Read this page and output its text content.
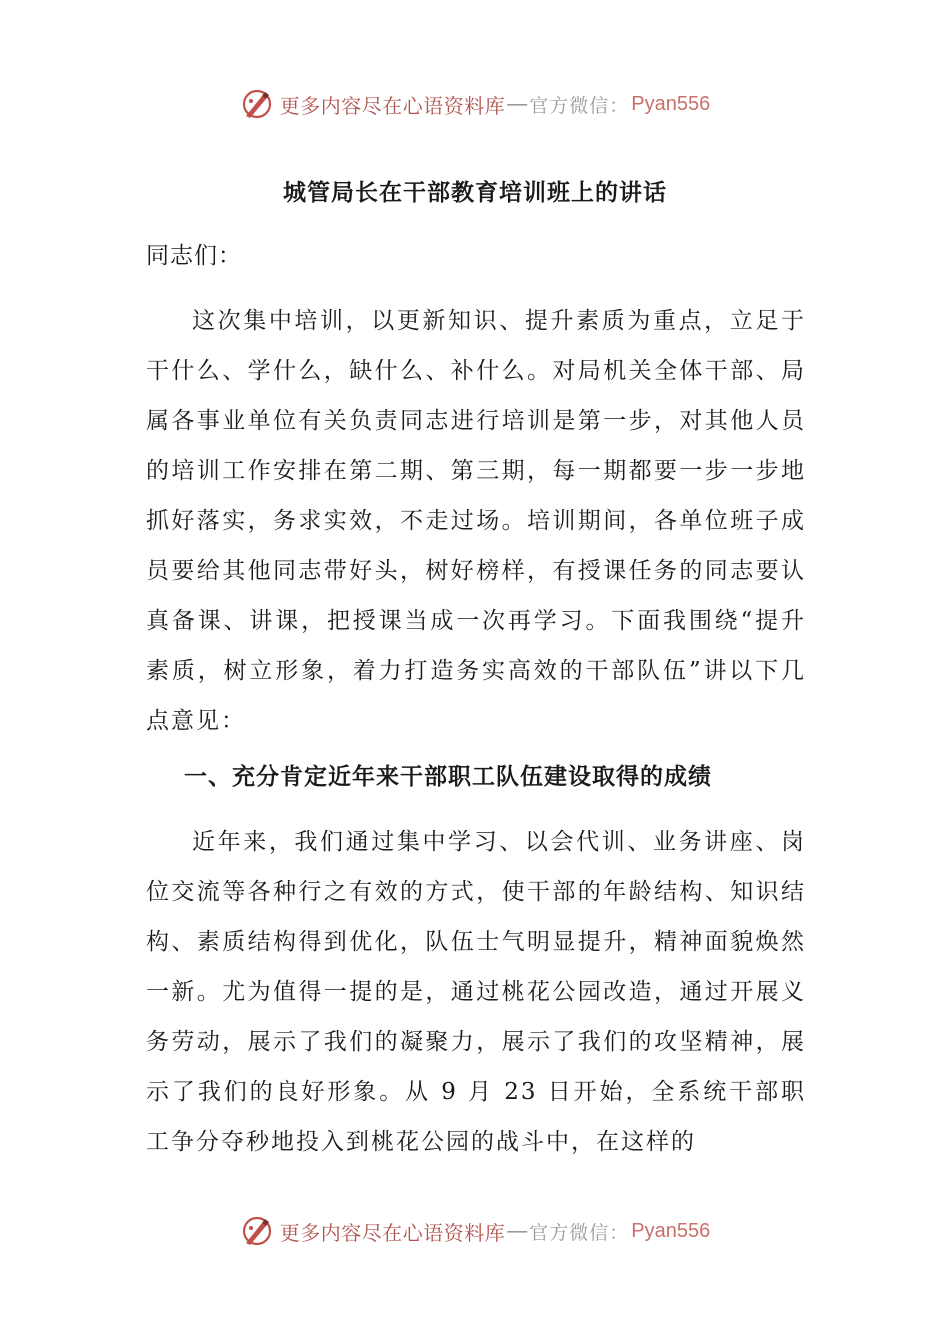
更多内容尽在心语资料库 — 官方微信： Pyan556
城管局长在干部教育培训班上的讲话

同志们：

这次集中培训，以更新知识、提升素质为重点，立足于干什么、学什么，缺什么、补什么。对局机关全体干部、局属各事业单位有关负责同志进行培训是第一步，对其他人员的培训工作安排在第二期、第三期，每一期都要一步一步地抓好落实，务求实效，不走过场。培训期间，各单位班子成员要给其他同志带好头，树好榜样，有授课任务的同志要认真备课、讲课，把授课当成一次再学习。下面我围绕“提升素质，树立形象，着力打造务实高效的干部队伍”讲以下几点意见：

一、充分肯定近年来干部职工队伍建设取得的成绩

近年来，我们通过集中学习、以会代训、业务讲座、岗位交流等各种行之有效的方式，使干部的年龄结构、知识结构、素质结构得到优化，队伍士气明显提升，精神面貌焕然一新。尤为值得一提的是，通过桃花公园改造，通过开展义务劳动，展示了我们的凝聚力，展示了我们的攻坚精神，展示了我们的良好形象。从 9 月 23 日开始，全系统干部职工争分夺秒地投入到桃花公园的战斗中，在这样的

更多内容尽在心语资料库 — 官方微信： Pyan556
